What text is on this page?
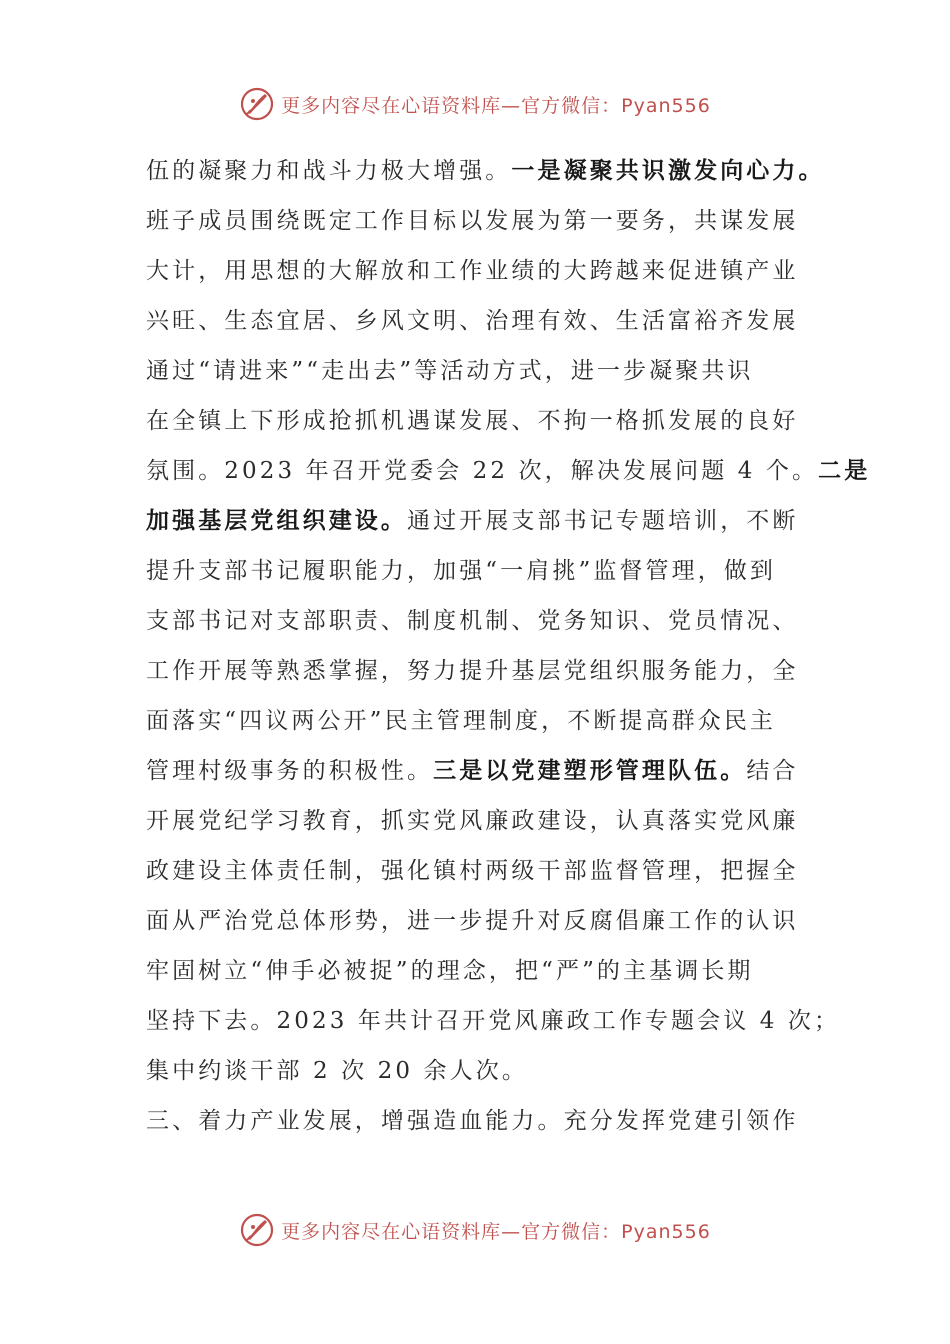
更多内容尽在心语资料库—官方微信：Pyan556
伍的凝聚力和战斗力极大增强。一是凝聚共识激发向心力。
班子成员围绕既定工作目标以发展为第一要务，共谋发展
大计，用思想的大解放和工作业绩的大跨越来促进镇产业
兴旺、生态宜居、乡风文明、治理有效、生活富裕齐发展
通过“请进来”“走出去”等活动方式，进一步凝聚共识
在全镇上下形成抢抓机遇谋发展、不拘一格抓发展的良好
氛围。2023 年召开党委会 22 次，解决发展问题 4 个。二是
加强基层党组织建设。通过开展支部书记专题培训，不断
提升支部书记履职能力，加强“一肩挑”监督管理，做到
支部书记对支部职责、制度机制、党务知识、党员情况、
工作开展等熟悉掌握，努力提升基层党组织服务能力，全
面落实“四议两公开”民主管理制度，不断提高群众民主
管理村级事务的积极性。三是以党建塑形管理队伍。结合
开展党纪学习教育，抓实党风廉政建设，认真落实党风廉
政建设主体责任制，强化镇村两级干部监督管理，把握全
面从严治党总体形势，进一步提升对反腐倡廉工作的认识
牢固树立“伸手必被捉”的理念，把“严”的主基调长期
坚持下去。2023 年共计召开党风廉政工作专题会议 4 次；
集中约谈干部 2 次 20 余人次。
三、着力产业发展，增强造血能力。充分发挥党建引领作
更多内容尽在心语资料库—官方微信：Pyan556
